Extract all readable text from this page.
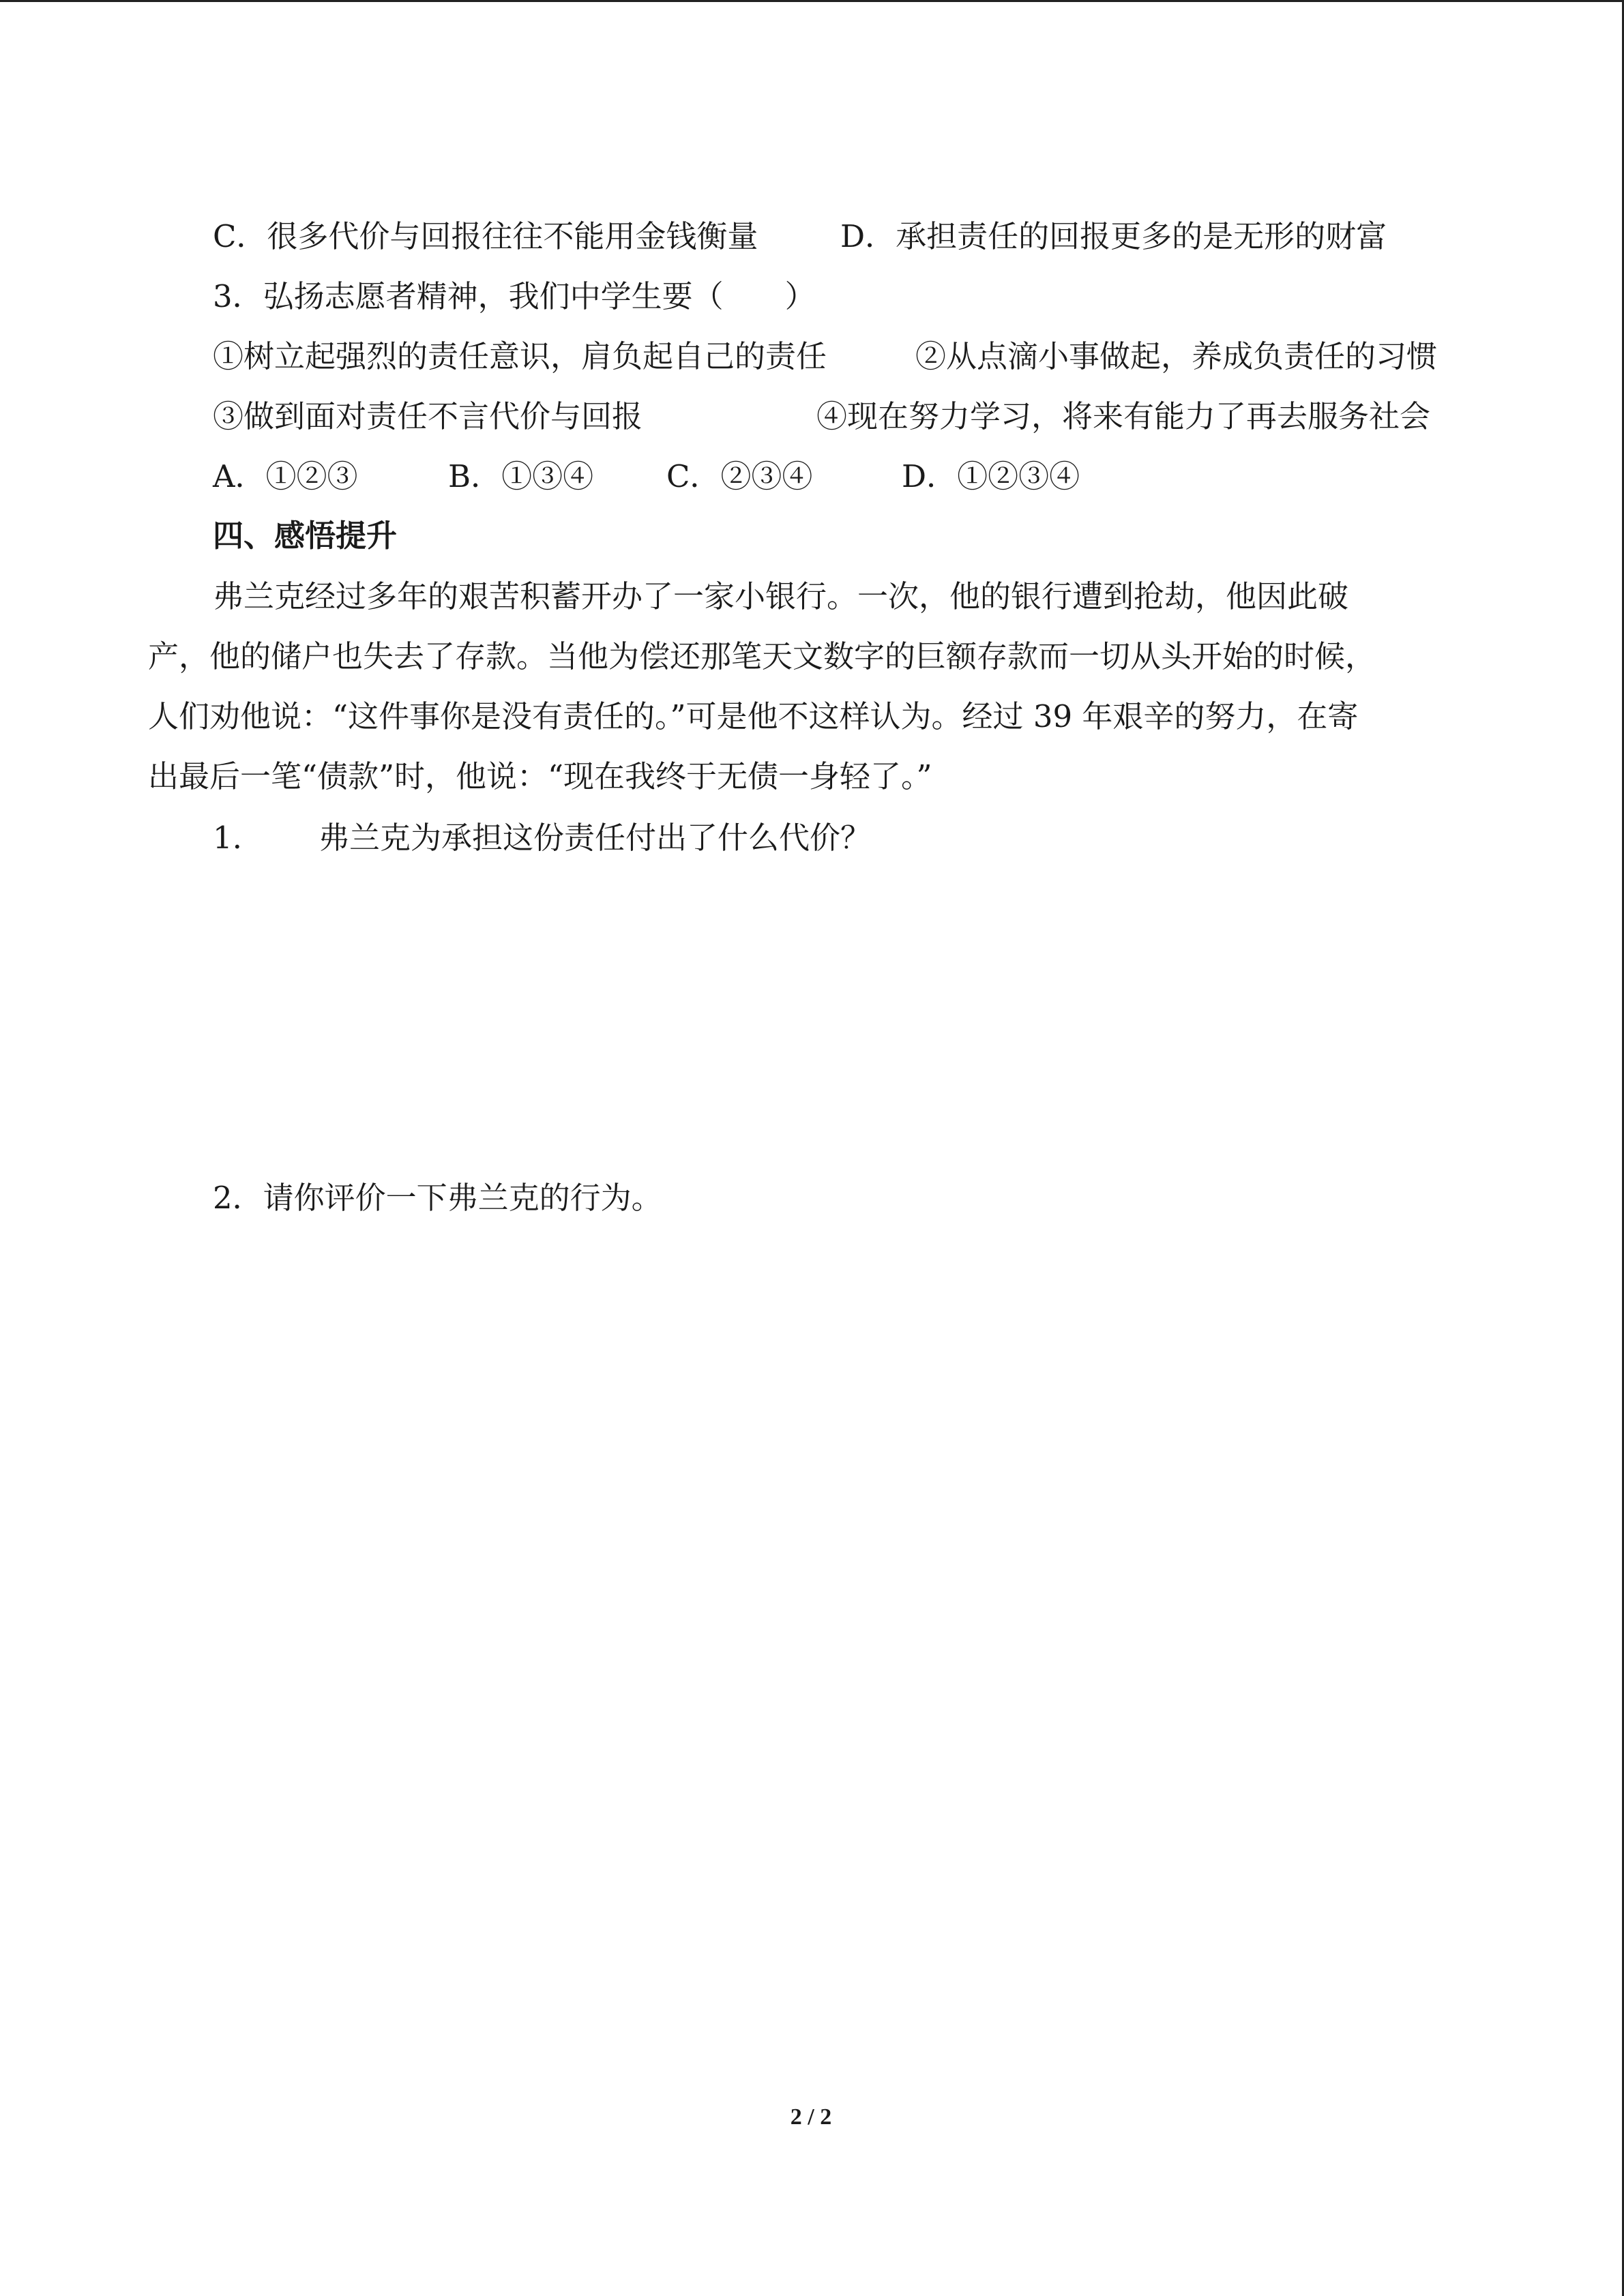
C．很多代价与回报往往不能用金钱衡量	D．承担责任的回报更多的是无形的财富
3．弘扬志愿者精神，我们中学生要（　　）
①树立起强烈的责任意识，肩负起自己的责任	②从点滴小事做起，养成负责任的习惯
③做到面对责任不言代价与回报	④现在努力学习，将来有能力了再去服务社会
A．①②③	B．①③④ C．②③④	D．①②③④
四、感悟提升
弗兰克经过多年的艰苦积蓄开办了一家小银行。一次，他的银行遭到抢劫，他因此破
产，他的储户也失去了存款。当他为偿还那笔天文数字的巨额存款而一切从头开始的时候，
人们劝他说：“这件事你是没有责任的。”可是他不这样认为。经过 39 年艰辛的努力，在寄
出最后一笔“债款”时，他说：“现在我终于无债一身轻了。”
1. 弗兰克为承担这份责任付出了什么代价？
2．请你评价一下弗兰克的行为。
2 / 2
